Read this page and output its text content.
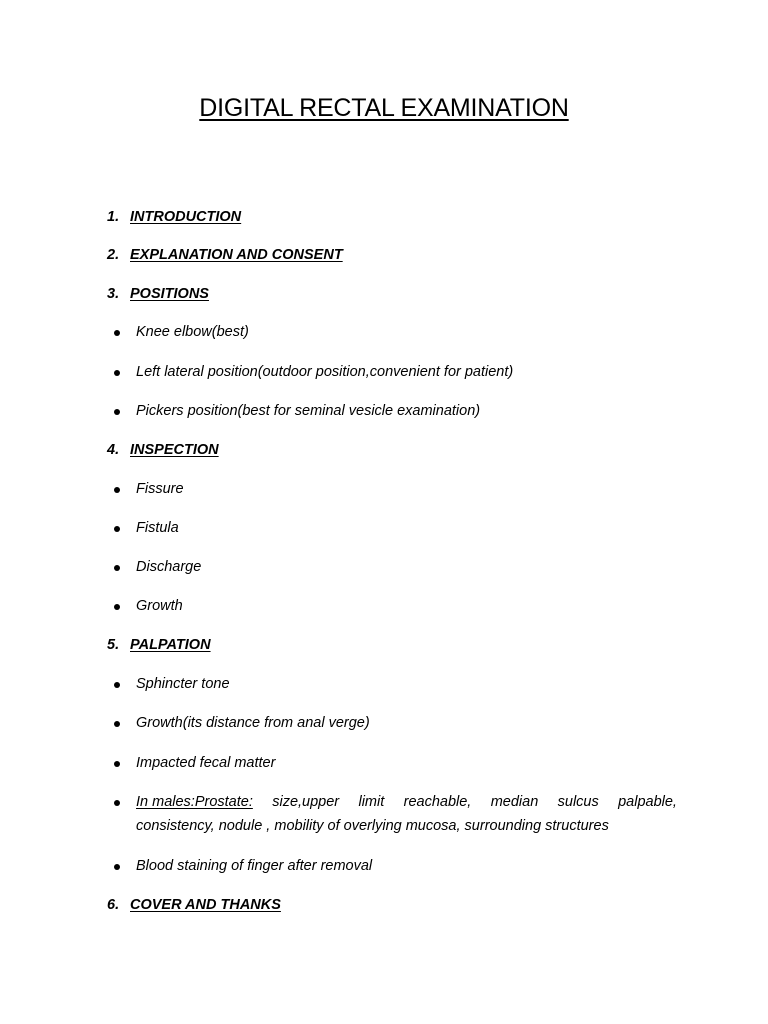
DIGITAL RECTAL EXAMINATION
1. INTRODUCTION
2. EXPLANATION AND CONSENT
3. POSITIONS
Knee elbow(best)
Left lateral position(outdoor position,convenient for patient)
Pickers position(best for seminal vesicle examination)
4. INSPECTION
Fissure
Fistula
Discharge
Growth
5. PALPATION
Sphincter tone
Growth(its distance from anal verge)
Impacted fecal matter
In males:Prostate: size,upper limit reachable, median sulcus palpable,
consistency, nodule , mobility of overlying mucosa, surrounding structures
Blood staining of finger after removal
6. COVER AND THANKS
